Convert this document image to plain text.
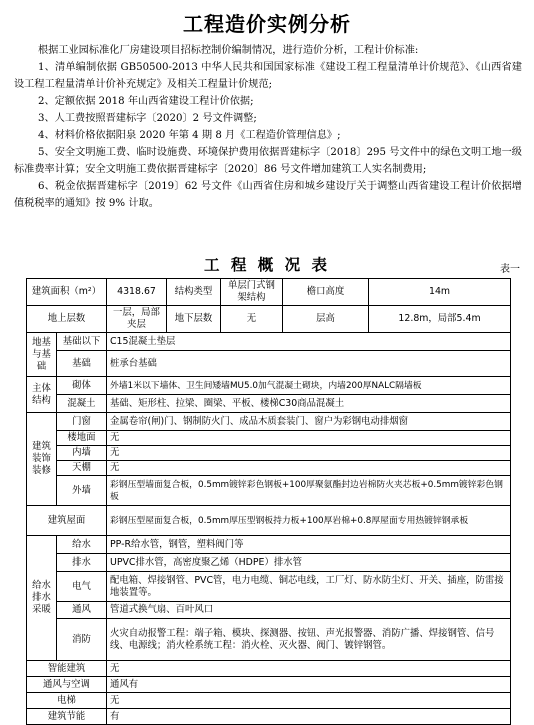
工程造价实例分析
根据工业园标准化厂房建设项目招标控制价编制情况，进行造价分析，工程计价标准:
1、清单编制依据 GB50500-2013 中华人民共和国国家标准《建设工程工程量清单计价规范》、《山西省建设工程工程量清单计价补充规定》及相关工程量计价规范;
2、定额依据 2018 年山西省建设工程计价依据;
3、人工费按照晋建标字〔2020〕2 号文件调整;
4、材料价格依据阳泉 2020 年第 4 期 8 月《工程造价管理信息》;
5、安全文明施工费、临时设施费、环境保护费用依据晋建标字〔2018〕295 号文件中的绿色文明工地一级标准费率计算；安全文明施工费依据晋建标字〔2020〕86 号文件增加建筑工人实名制费用;
6、税金依据晋建标字〔2019〕62 号文件《山西省住房和城乡建设厅关于调整山西省建设工程计价依据增值税税率的通知》按 9% 计取。
工 程 概 况 表	表一
建筑面积（m²）		4318.67	结构类型	单层门式钢架结构	檐口高度	14m
地上层数		一层，局部夹层	地下层数	无	层高	12.8m，局部5.4m
地基与基础	基础以下	C15混凝土垫层				
	基础	桩承台基础				
主体结构	砌体	外墙1米以下墙体、卫生间矮墙MU5.0加气混凝土砌块，内墙200厚NALC隔墙板				
	混凝土	基础、矩形柱、拉梁、圈梁、平板、楼梯C30商品混凝土				
建筑装饰装修	门窗	金属卷帘(闸)门、钢制防火门、成品木质套装门、窗户为彩钢电动排烟窗				
	楼地面	无				
	内墙	无				
	天棚	无				
	外墙	彩钢压型墙面复合板，0.5mm镀锌彩色钢板+100厚聚氨酯封边岩棉防火夹芯板+0.5mm镀锌彩色钢板				
建筑屋面		彩钢压型屋面复合板，0.5mm厚压型钢板持力板+100厚岩棉+0.8厚屋面专用热镀锌钢承板				
给水排水采暖	给水	PP-R给水管，钢管，塑料阀门等				
	排水	UPVC排水管，高密度聚乙烯（HDPE）排水管				
	电气	配电箱、焊接钢管、PVC管，电力电缆、铜芯电线，工厂灯、防水防尘灯、开关、插座，防雷接地装置等。				
	通风	管道式换气扇、百叶风口				
	消防	火灾自动报警工程：端子箱、模块、探测器、按钮、声光报警器、消防广播、焊接钢管、信号线、电源线；消火栓系统工程：消火栓、灭火器、阀门、镀锌钢管。				
智能建筑		无				
通风与空调		通风有				
电梯		无				
建筑节能		有				
